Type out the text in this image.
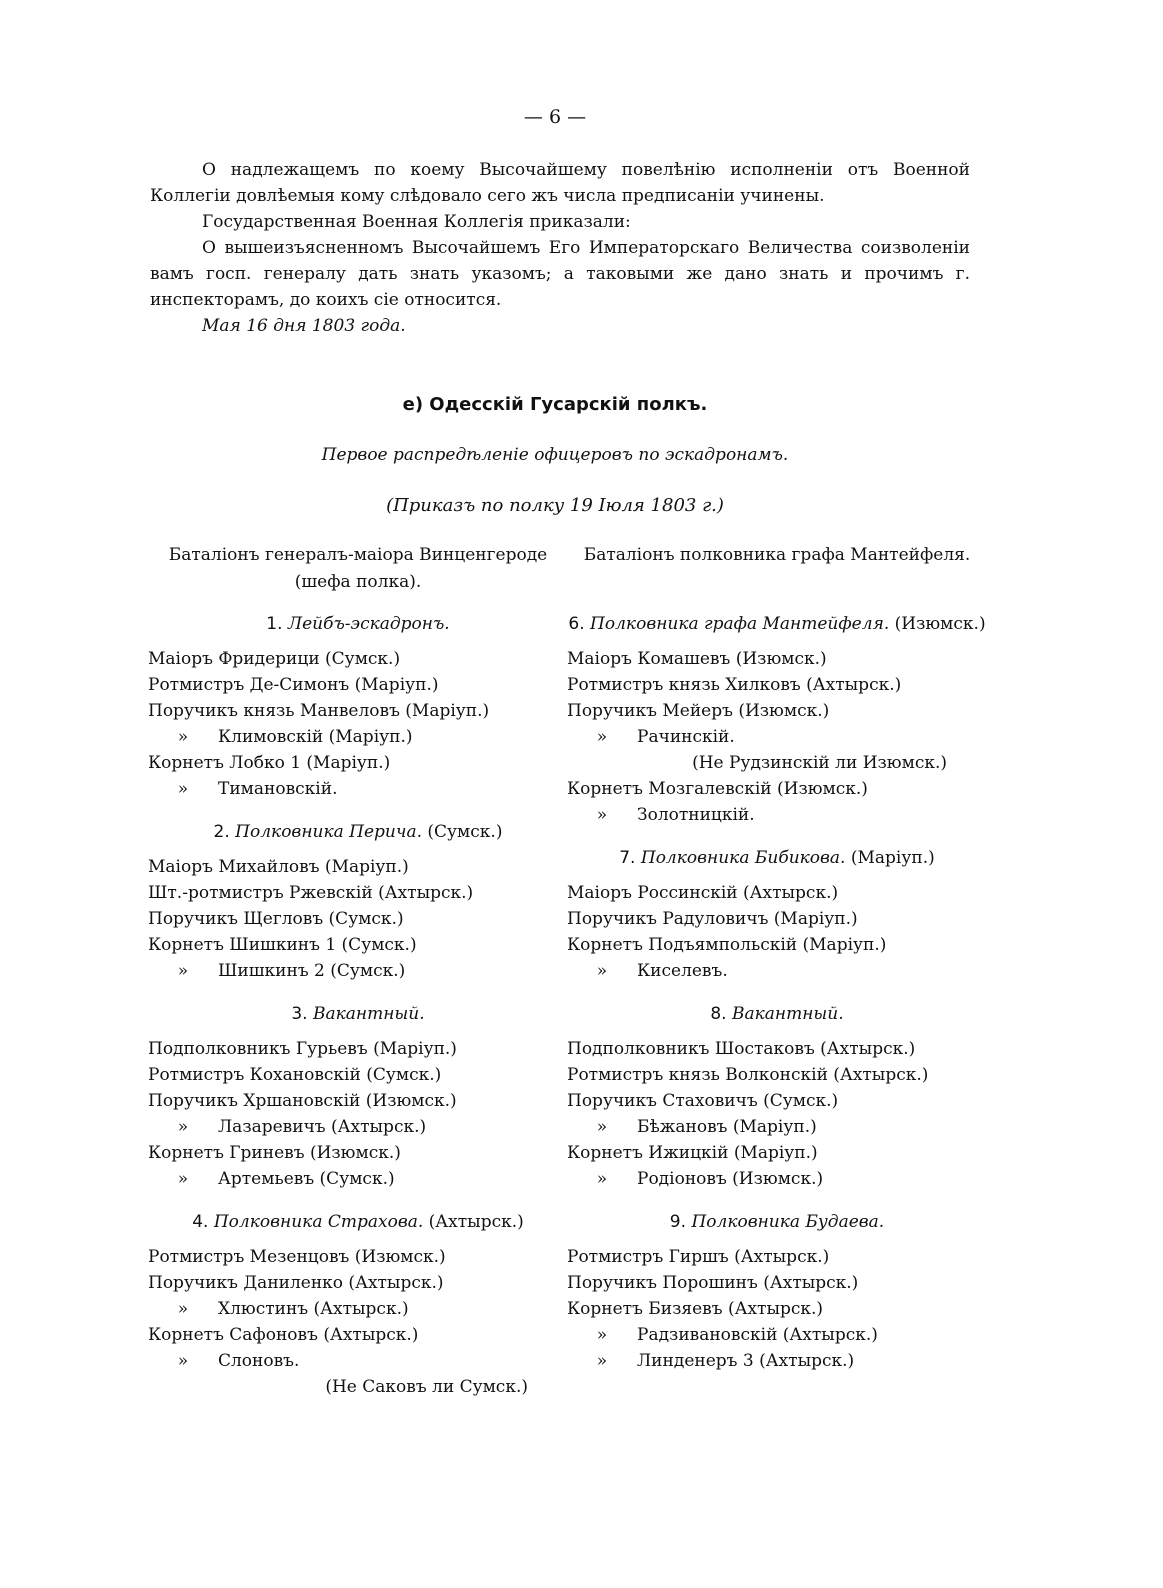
— 6 —

О надлежащемъ по коему Высочайшему повелѣнію исполненіи отъ Военной Коллегіи довлѣемыя кому слѣдовало сего жъ числа предписаніи учинены.

Государственная Военная Коллегія приказали:

О вышеизъясненномъ Высочайшемъ Его Императорскаго Величества соизволеніи вамъ госп. генералу дать знать указомъ; а таковыми же дано знать и прочимъ г. инспекторамъ, до коихъ сіе относится.

Мая 16 дня 1803 года.

е) Одесскій Гусарскій полкъ.
Первое распредѣленіе офицеровъ по эскадронамъ.
(Приказъ по полку 19 Іюля 1803 г.)
Баталіонъ генералъ-маіора Винценгероде (шефа полка).
1. Лейбъ-эскадронъ.
Маіоръ Фридерици (Сумск.)
Ротмистръ Де-Симонъ (Маріуп.)
Поручикъ князь Манвеловъ (Маріуп.)
» Климовскій (Маріуп.)
Корнетъ Лобко 1 (Маріуп.)
» Тимановскій.
2. Полковника Перича. (Сумск.)
Маіоръ Михайловъ (Маріуп.)
Шт.-ротмистръ Ржевскій (Ахтырск.)
Поручикъ Щегловъ (Сумск.)
Корнетъ Шишкинъ 1 (Сумск.)
» Шишкинъ 2 (Сумск.)
3. Вакантный.
Подполковникъ Гурьевъ (Маріуп.)
Ротмистръ Кохановскій (Сумск.)
Поручикъ Хршановскій (Изюмск.)
» Лазаревичъ (Ахтырск.)
Корнетъ Гриневъ (Изюмск.)
» Артемьевъ (Сумск.)
4. Полковника Страхова. (Ахтырск.)
Ротмистръ Мезенцовъ (Изюмск.)
Поручикъ Даниленко (Ахтырск.)
» Хлюстинъ (Ахтырск.)
Корнетъ Сафоновъ (Ахтырск.)
» Слоновъ.
(Не Саковъ ли Сумск.)
Баталіонъ полковника графа Мантейфеля.
6. Полковника графа Мантейфеля. (Изюмск.)
Маіоръ Комашевъ (Изюмск.)
Ротмистръ князь Хилковъ (Ахтырск.)
Поручикъ Мейеръ (Изюмск.)
» Рачинскій.
(Не Рудзинскій ли Изюмск.)
Корнетъ Мозгалевскій (Изюмск.)
» Золотницкій.
7. Полковника Бибикова. (Маріуп.)
Маіоръ Россинскій (Ахтырск.)
Поручикъ Радуловичъ (Маріуп.)
Корнетъ Подъямпольскій (Маріуп.)
» Киселевъ.
8. Вакантный.
Подполковникъ Шостаковъ (Ахтырск.)
Ротмистръ князь Волконскій (Ахтырск.)
Поручикъ Стаховичъ (Сумск.)
» Бѣжановъ (Маріуп.)
Корнетъ Ижицкій (Маріуп.)
» Родіоновъ (Изюмск.)
9. Полковника Будаева.
Ротмистръ Гиршъ (Ахтырск.)
Поручикъ Порошинъ (Ахтырск.)
Корнетъ Бизяевъ (Ахтырск.)
» Радзивановскій (Ахтырск.)
» Линденеръ 3 (Ахтырск.)
